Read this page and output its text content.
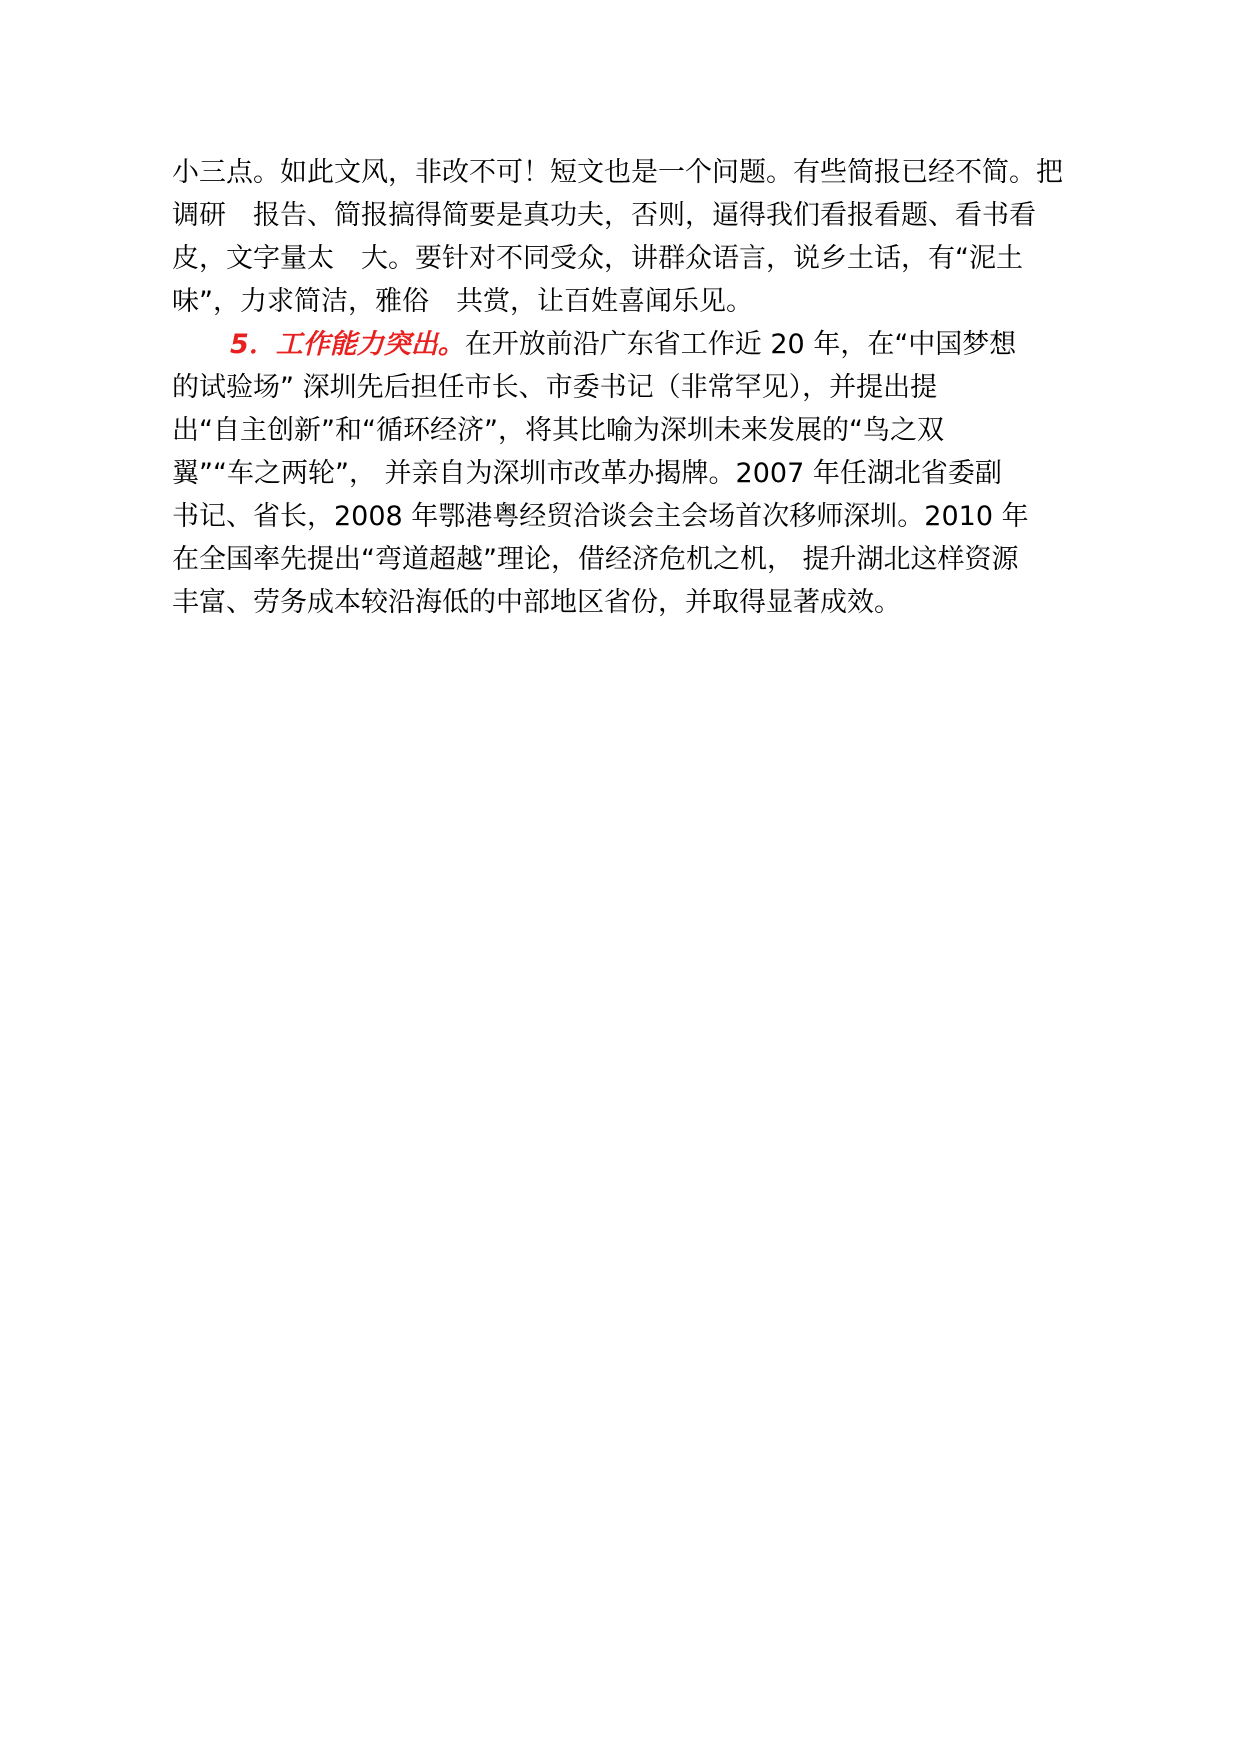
小三点。如此文风，非改不可！短文也是一个问题。有些简报已经不简。把
调研　报告、简报搞得简要是真功夫，否则，逼得我们看报看题、看书看
皮，文字量太　大。要针对不同受众，讲群众语言，说乡土话，有“泥土
味”，力求简洁，雅俗　共赏，让百姓喜闻乐见。
5．工作能力突出。在开放前沿广东省工作近 20 年，在“中国梦想
的试验场” 深圳先后担任市长、市委书记（非常罕见），并提出提
出“自主创新”和“循环经济”，将其比喻为深圳未来发展的“鸟之双
翼”“车之两轮”， 并亲自为深圳市改革办揭牌。2007 年任湖北省委副
书记、省长，2008 年鄂港粤经贸洽谈会主会场首次移师深圳。2010 年
在全国率先提出“弯道超越”理论，借经济危机之机， 提升湖北这样资源
丰富、劳务成本较沿海低的中部地区省份，并取得显著成效。
